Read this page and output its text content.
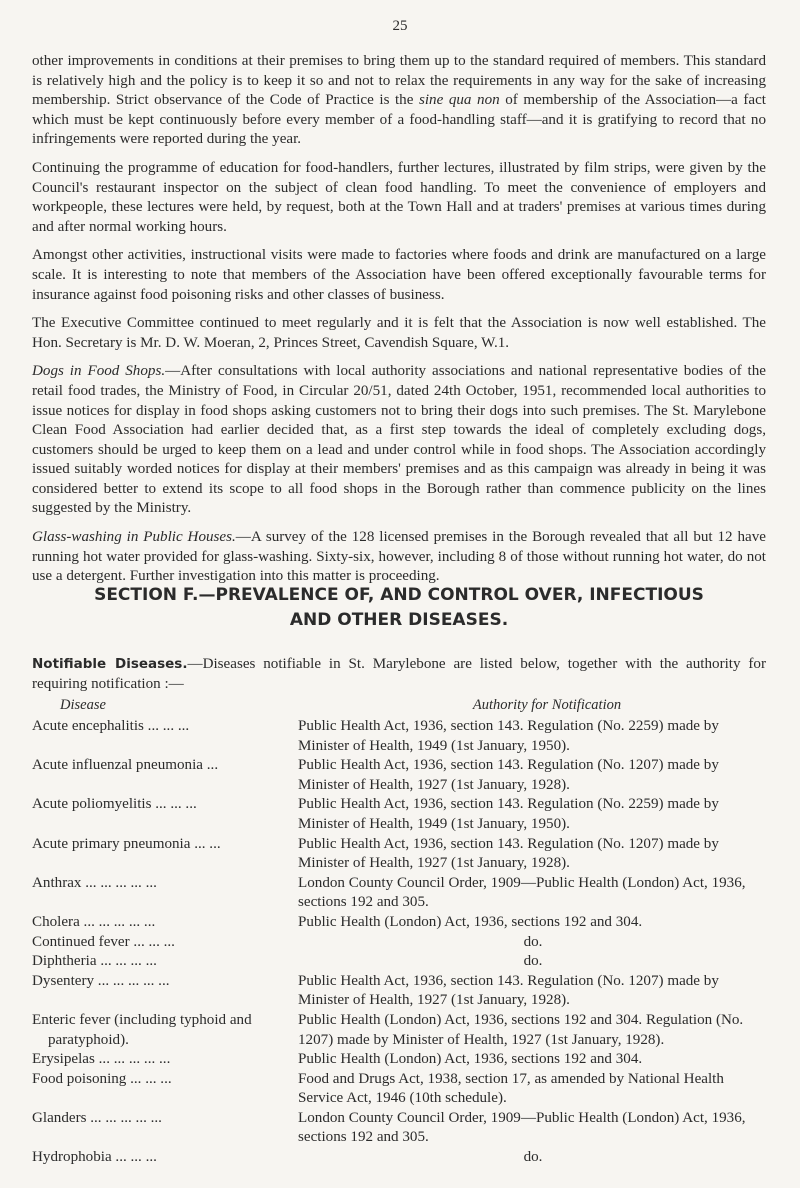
25

other improvements in conditions at their premises to bring them up to the standard required of members. This standard is relatively high and the policy is to keep it so and not to relax the requirements in any way for the sake of increasing membership. Strict observance of the Code of Practice is the sine qua non of membership of the Association—a fact which must be kept continuously before every member of a food-handling staff—and it is gratifying to record that no infringements were reported during the year.

Continuing the programme of education for food-handlers, further lectures, illustrated by film strips, were given by the Council's restaurant inspector on the subject of clean food handling. To meet the convenience of employers and workpeople, these lectures were held, by request, both at the Town Hall and at traders' premises at various times during and after normal working hours.

Amongst other activities, instructional visits were made to factories where foods and drink are manufactured on a large scale. It is interesting to note that members of the Association have been offered exceptionally favourable terms for insurance against food poisoning risks and other classes of business.

The Executive Committee continued to meet regularly and it is felt that the Association is now well established. The Hon. Secretary is Mr. D. W. Moeran, 2, Princes Street, Cavendish Square, W.1.

Dogs in Food Shops.—After consultations with local authority associations and national representative bodies of the retail food trades, the Ministry of Food, in Circular 20/51, dated 24th October, 1951, recommended local authorities to issue notices for display in food shops asking customers not to bring their dogs into such premises. The St. Marylebone Clean Food Association had earlier decided that, as a first step towards the ideal of completely excluding dogs, customers should be urged to keep them on a lead and under control while in food shops. The Association accordingly issued suitably worded notices for display at their members' premises and as this campaign was already in being it was considered better to extend its scope to all food shops in the Borough rather than commence publicity on the lines suggested by the Ministry.

Glass-washing in Public Houses.—A survey of the 128 licensed premises in the Borough revealed that all but 12 have running hot water provided for glass-washing. Sixty-six, however, including 8 of those without running hot water, do not use a detergent. Further investigation into this matter is proceeding.

SECTION F.—PREVALENCE OF, AND CONTROL OVER, INFECTIOUS
AND OTHER DISEASES.
Notifiable Diseases.—Diseases notifiable in St. Marylebone are listed below, together with the authority for requiring notification :—
Disease	Authority for Notification
Acute encephalitis ... ... ...	Public Health Act, 1936, section 143. Regulation (No. 2259) made by Minister of Health, 1949 (1st January, 1950).

Acute influenzal pneumonia ...	Public Health Act, 1936, section 143. Regulation (No. 1207) made by Minister of Health, 1927 (1st January, 1928).

Acute poliomyelitis ... ... ...	Public Health Act, 1936, section 143. Regulation (No. 2259) made by Minister of Health, 1949 (1st January, 1950).

Acute primary pneumonia ... ...	Public Health Act, 1936, section 143. Regulation (No. 1207) made by Minister of Health, 1927 (1st January, 1928).

Anthrax ... ... ... ... ...	London County Council Order, 1909—Public Health (London) Act, 1936, sections 192 and 305.

Cholera ... ... ... ... ...	Public Health (London) Act, 1936, sections 192 and 304.

Continued fever ... ... ...	do.

Diphtheria ... ... ... ...	do.

Dysentery ... ... ... ... ...	Public Health Act, 1936, section 143. Regulation (No. 1207) made by Minister of Health, 1927 (1st January, 1928).

Enteric fever (including typhoid and paratyphoid).	Public Health (London) Act, 1936, sections 192 and 304. Regulation (No. 1207) made by Minister of Health, 1927 (1st January, 1928).

Erysipelas ... ... ... ... ...	Public Health (London) Act, 1936, sections 192 and 304.

Food poisoning ... ... ...	Food and Drugs Act, 1938, section 17, as amended by National Health Service Act, 1946 (10th schedule).

Glanders ... ... ... ... ...	London County Council Order, 1909—Public Health (London) Act, 1936, sections 192 and 305.

Hydrophobia ... ... ...	do.
